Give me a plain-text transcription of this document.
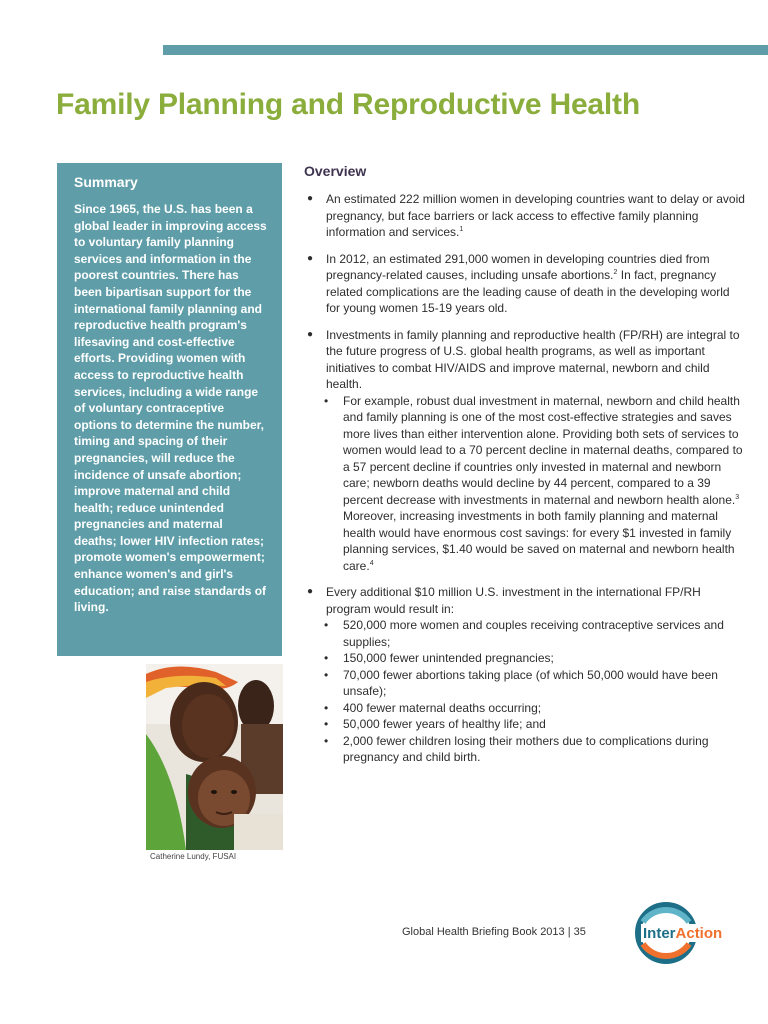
Family Planning and Reproductive Health
Summary

Since 1965, the U.S. has been a global leader in improving access to voluntary family planning services and information in the poorest countries. There has been bipartisan support for the international family planning and reproductive health program's lifesaving and cost-effective efforts. Providing women with access to reproductive health services, including a wide range of voluntary contraceptive options to determine the number, timing and spacing of their pregnancies, will reduce the incidence of unsafe abortion; improve maternal and child health; reduce unintended pregnancies and maternal deaths; lower HIV infection rates; promote women's empowerment; enhance women's and girl's education; and raise standards of living.

Catherine Lundy, FUSAI
Overview
● An estimated 222 million women in developing countries want to delay or avoid pregnancy, but face barriers or lack access to effective family planning information and services.$^1$
● In 2012, an estimated 291,000 women in developing countries died from pregnancy-related causes, including unsafe abortions.$^2$ In fact, pregnancy related complications are the leading cause of death in the developing world for young women 15-19 years old.
● Investments in family planning and reproductive health (FP/RH) are integral to the future progress of U.S. global health programs, as well as important initiatives to combat HIV/AIDS and improve maternal, newborn and child health.
•	For example, robust dual investment in maternal, newborn and child health and family planning is one of the most cost-effective strategies and saves more lives than either intervention alone. Providing both sets of services to women would lead to a 70 percent decline in maternal deaths, compared to a 57 percent decline if countries only invested in maternal and newborn care; newborn deaths would decline by 44 percent, compared to a 39 percent decrease with investments in maternal and newborn health alone.$^3$ Moreover, increasing investments in both family planning and maternal health would have enormous cost savings: for every $1 invested in family planning services, $1.40 would be saved on maternal and newborn health care.$^4$
● Every additional $10 million U.S. investment in the international FP/RH program would result in:
•	520,000 more women and couples receiving contraceptive services and supplies;
•	150,000 fewer unintended pregnancies;
•	70,000 fewer abortions taking place (of which 50,000 would have been unsafe);
•	400 fewer maternal deaths occurring;
•	50,000 fewer years of healthy life; and
•	2,000 fewer children losing their mothers due to complications during pregnancy and child birth.
Global Health Briefing Book 2013 | 35	InterAction
